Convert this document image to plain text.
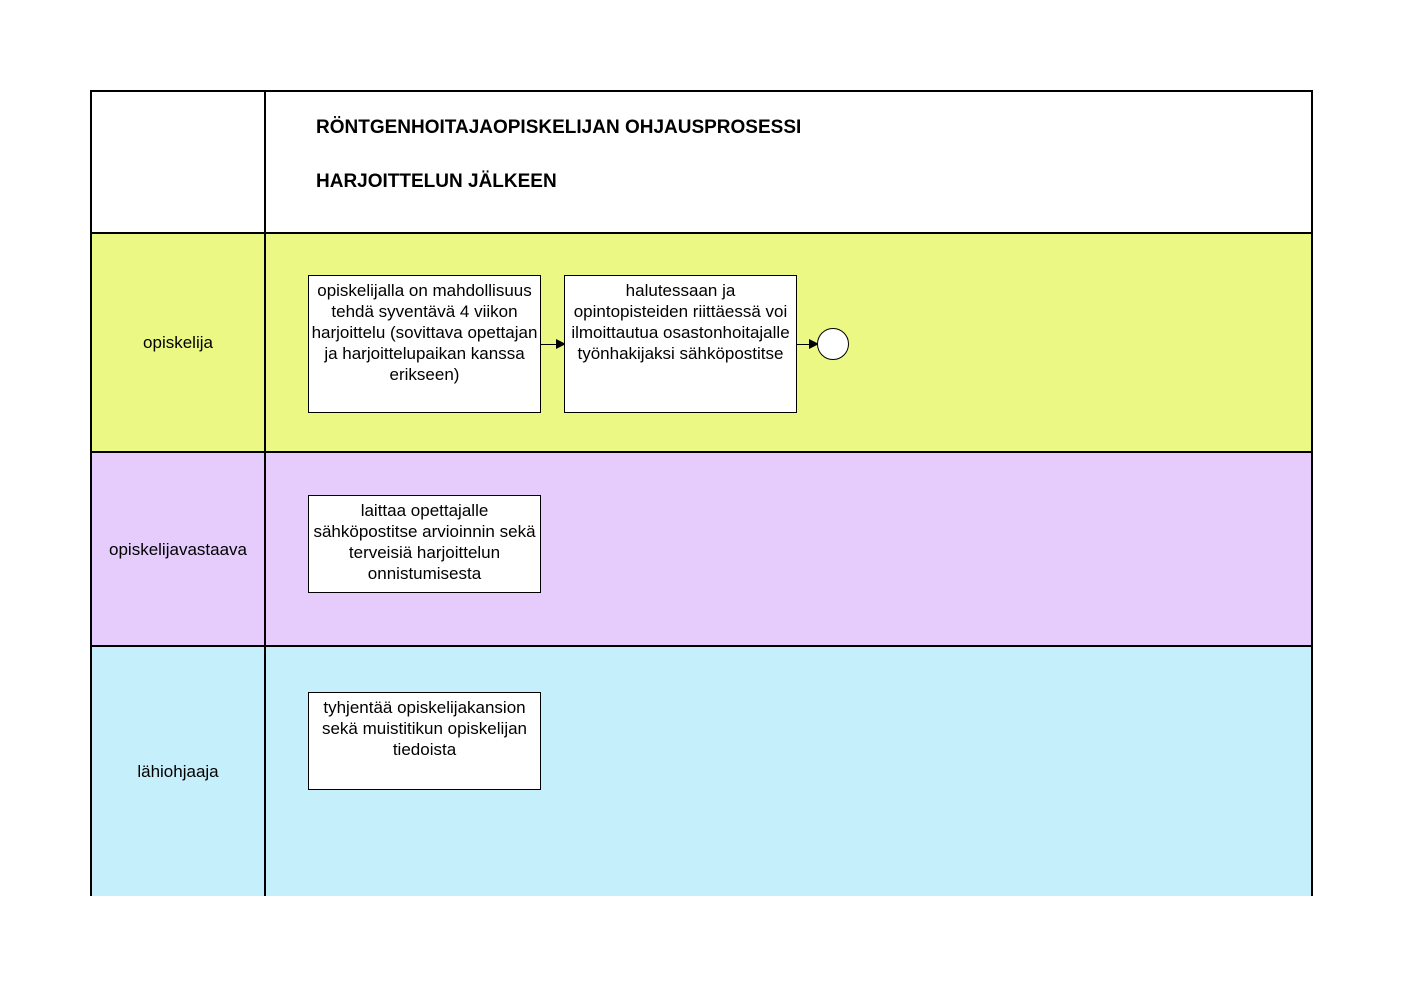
RÖNTGENHOITAJAOPISKELIJAN OHJAUSPROSESSI
HARJOITTELUN JÄLKEEN
opiskelija
opiskelijalla on mahdollisuus tehdä syventävä 4 viikon harjoittelu (sovittava opettajan ja harjoittelupaikan kanssa erikseen)
halutessaan ja opintopisteiden riittäessä voi ilmoittautua osastonhoitajalle työnhakijaksi sähköpostitse
opiskelijavastaava
laittaa opettajalle sähköpostitse arvioinnin sekä terveisiä harjoittelun onnistumisesta
lähiohjaaja
tyhjentää opiskelijakansion sekä muistitikun opiskelijan tiedoista
